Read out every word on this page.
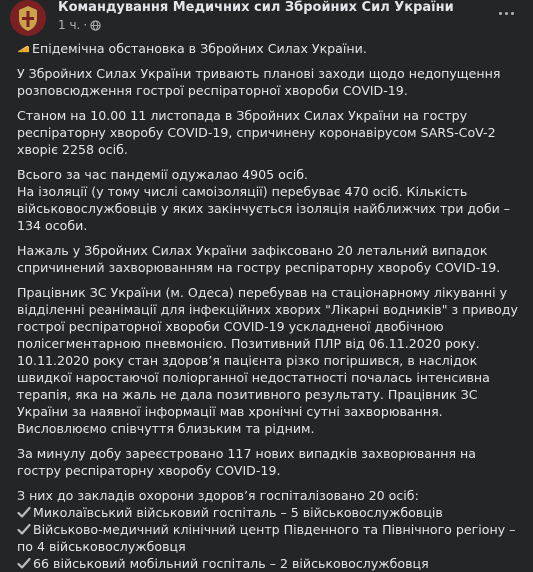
Командування Медичних сил Збройних Сил України
1 ч. ·

Епідемічна обстановка в Збройних Силах України.

У Збройних Силах України тривають планові заходи щодо недопущення розповсюдження гострої респіраторної хвороби COVID-19.

Станом на 10.00 11 листопада в Збройних Силах України на гостру респіраторну хворобу COVID-19, спричинену коронавірусом SARS-CoV-2 хворіє 2258 осіб.

Всього за час пандемії одужалао 4905 осіб.

На ізоляції (у тому числі самоізоляції) перебуває 470 осіб. Кількість військовослужбовців у яких закінчується ізоляція найближчих три доби – 134 особи.

Нажаль у Збройних Силах України зафіксовано 20 летальний випадок спричинений захворюванням на гостру респіраторну хворобу COVID-19.

Працівник ЗС України (м. Одеса) перебував на стаціонарному лікуванні у відділенні реанімації для інфекційних хворих "Лікарні водників" з приводу гострої респіраторної хвороби COVID-19 ускладненої двобічною полісегментарною пневмонією. Позитивний ПЛР від 06.11.2020 року.

10.11.2020 року стан здоров’я пацієнта різко погіршився, в наслідок швидкої наростаючої поліорганної недостатності почалась інтенсивна терапія, яка на жаль не дала позитивного результату. Працівник ЗС України за наявної інформації мав хронічні сутні захворювання.

Висловлюємо співчуття близьким та рідним.

За минулу добу зареєстровано 117 нових випадків захворювання на гостру респіраторну хворобу COVID-19.

З них до закладів охорони здоров’я госпіталізовано 20 осіб:

Миколаївський військовий госпіталь – 5 військовослужбовців

Військово-медичний клінічний центр Південного та Північного регіону – по 4 військовослужбовця

66 військовий мобільний госпіталь – 2 військовослужбовця
